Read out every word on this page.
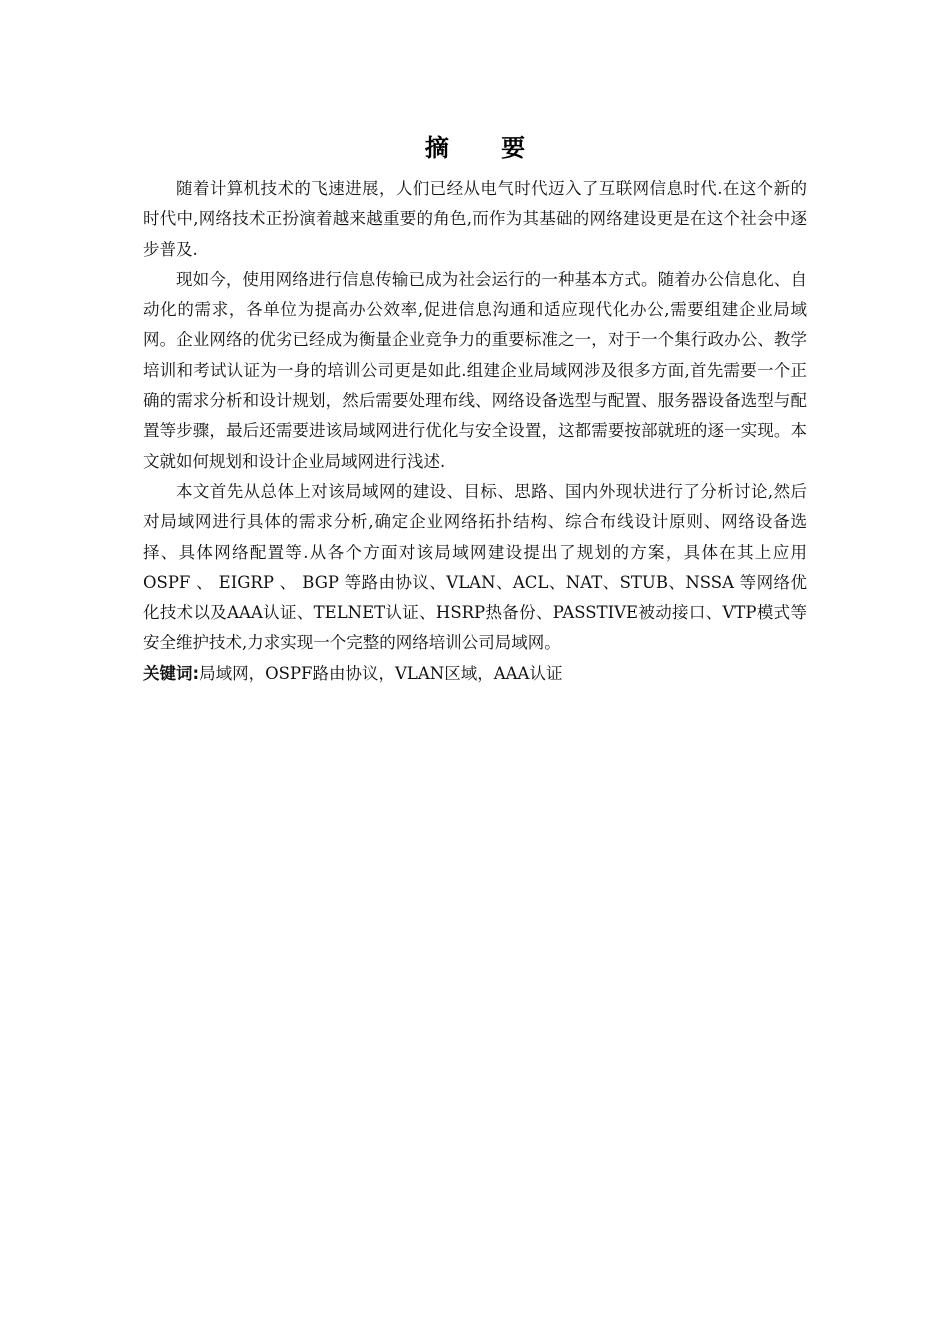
摘 要

随着计算机技术的飞速进展，人们已经从电气时代迈入了互联网信息时代.在这个新的时代中,网络技术正扮演着越来越重要的角色,而作为其基础的网络建设更是在这个社会中逐步普及.

现如今，使用网络进行信息传输已成为社会运行的一种基本方式。随着办公信息化、自动化的需求，各单位为提高办公效率,促进信息沟通和适应现代化办公,需要组建企业局域网。企业网络的优劣已经成为衡量企业竞争力的重要标准之一，对于一个集行政办公、教学培训和考试认证为一身的培训公司更是如此.组建企业局域网涉及很多方面,首先需要一个正确的需求分析和设计规划，然后需要处理布线、网络设备选型与配置、服务器设备选型与配置等步骤，最后还需要进该局域网进行优化与安全设置，这都需要按部就班的逐一实现。本文就如何规划和设计企业局域网进行浅述.

本文首先从总体上对该局域网的建设、目标、思路、国内外现状进行了分析讨论,然后对局域网进行具体的需求分析,确定企业网络拓扑结构、综合布线设计原则、网络设备选择、具体网络配置等.从各个方面对该局域网建设提出了规划的方案，具体在其上应用 OSPF 、 EIGRP 、 BGP 等路由协议、VLAN、ACL、NAT、STUB、NSSA 等网络优化技术以及AAA认证、TELNET认证、HSRP热备份、PASSTIVE被动接口、VTP模式等安全维护技术,力求实现一个完整的网络培训公司局域网。

关键词:局域网，OSPF路由协议，VLAN区域，AAA认证
